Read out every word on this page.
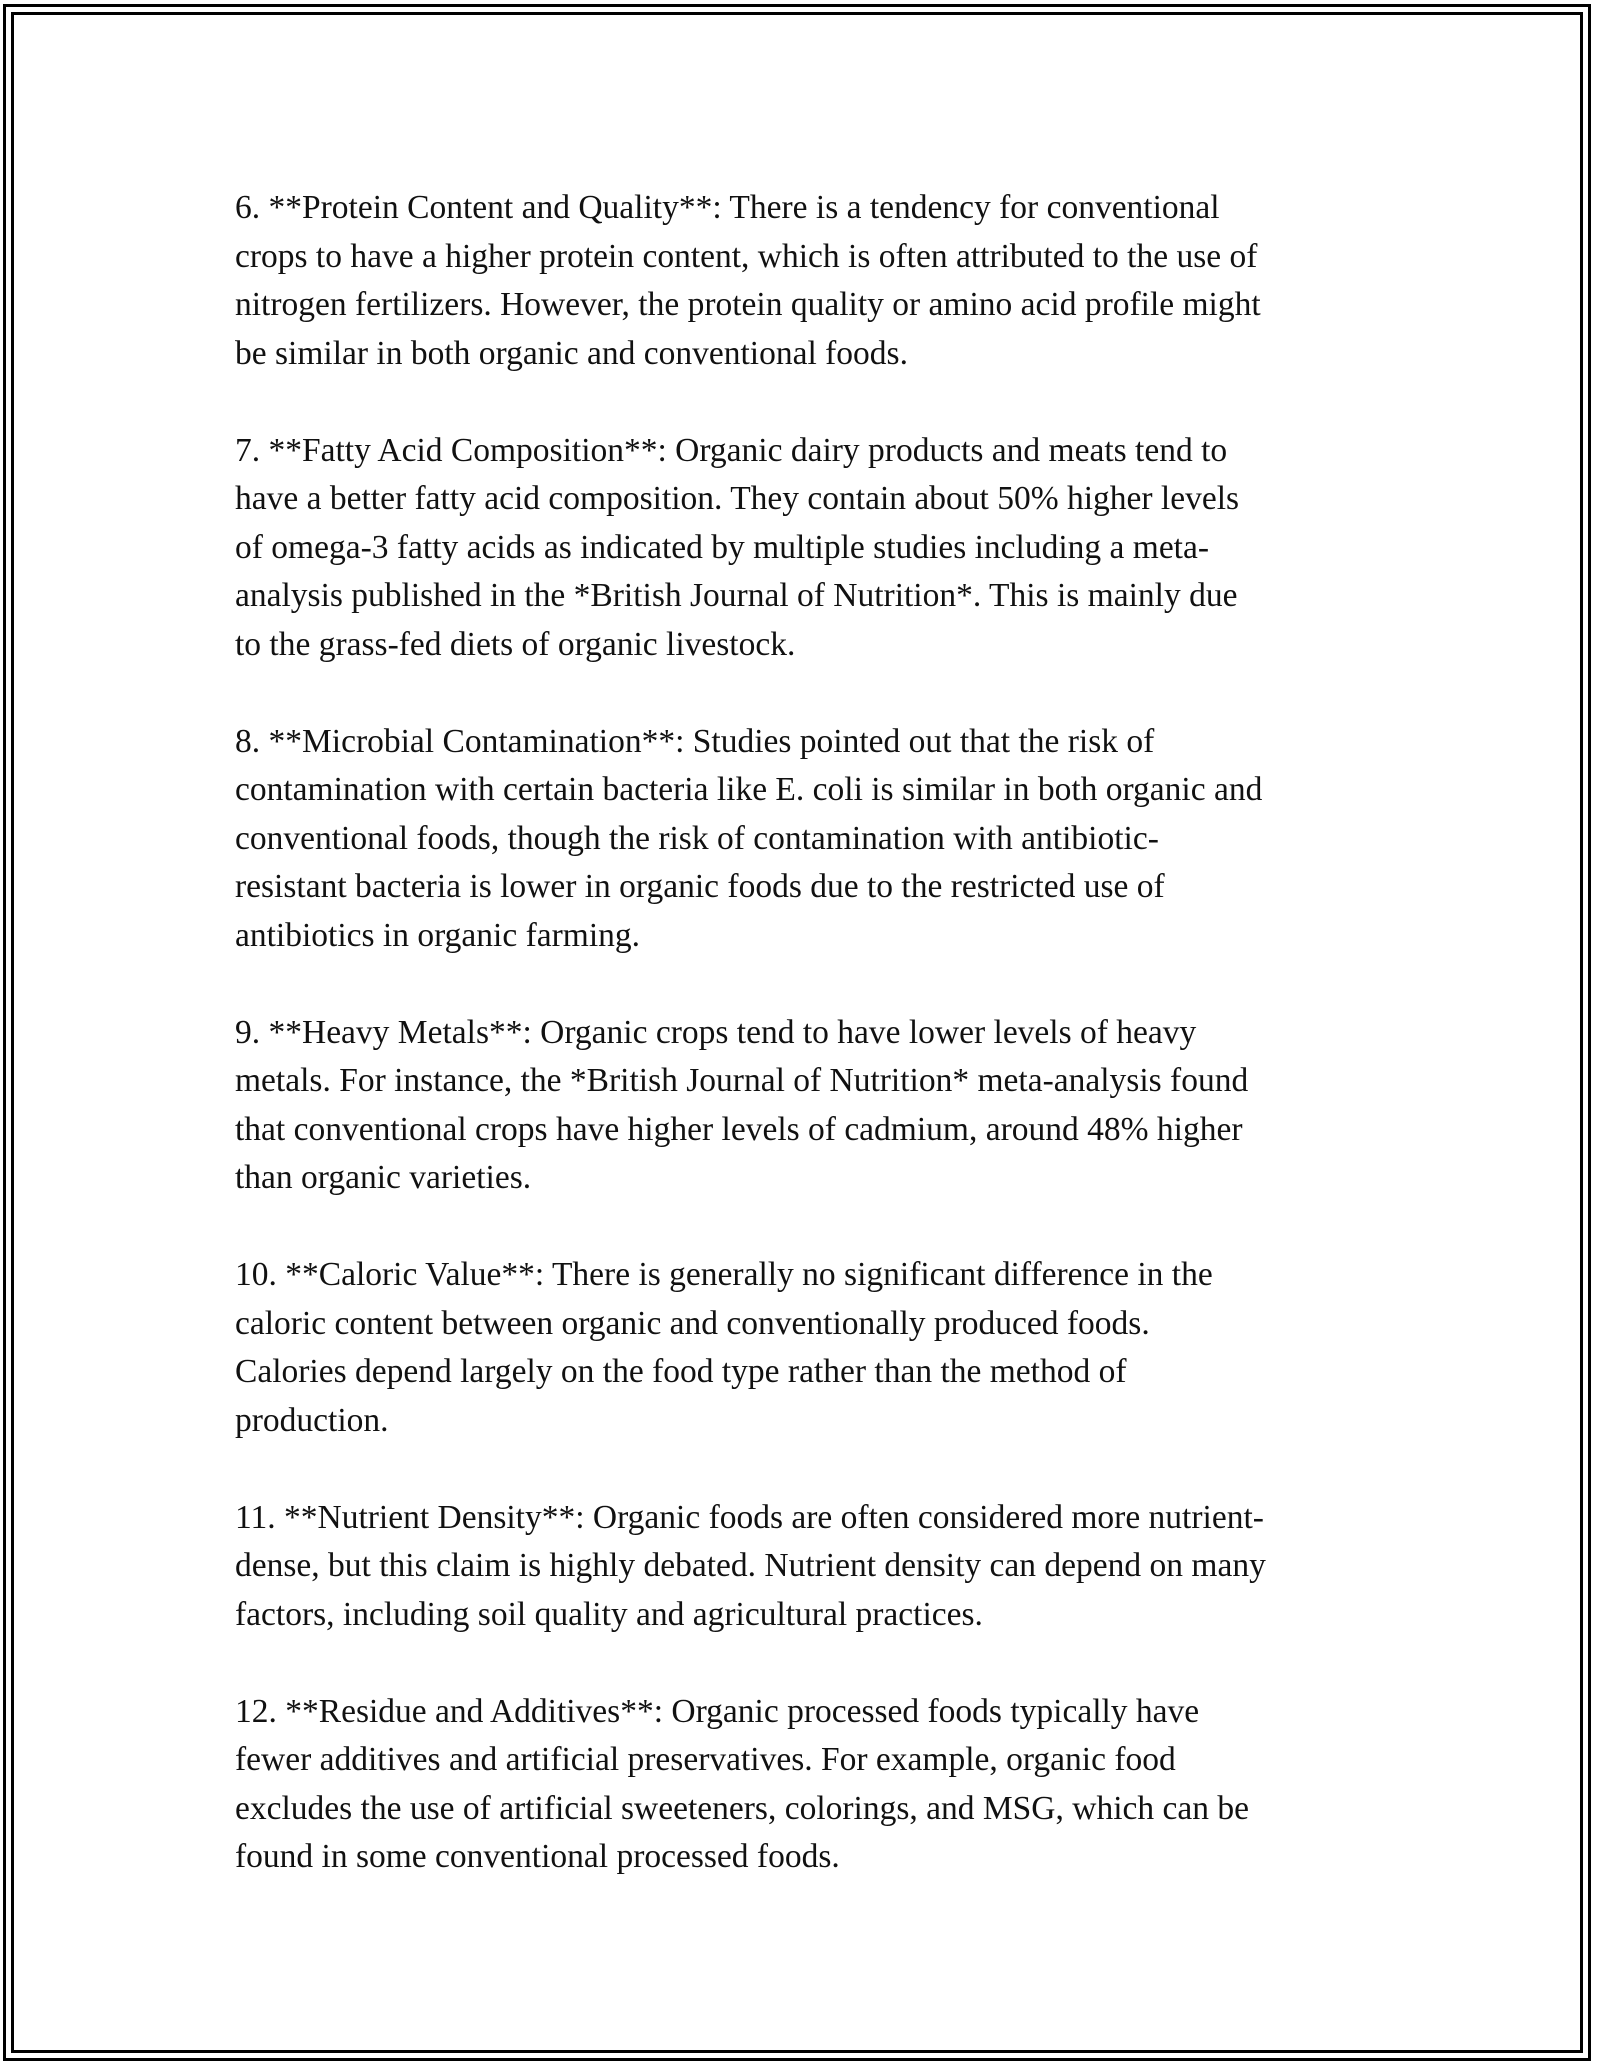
6. **Protein Content and Quality**: There is a tendency for conventional
crops to have a higher protein content, which is often attributed to the use of
nitrogen fertilizers. However, the protein quality or amino acid profile might
be similar in both organic and conventional foods.

7. **Fatty Acid Composition**: Organic dairy products and meats tend to
have a better fatty acid composition. They contain about 50% higher levels
of omega-3 fatty acids as indicated by multiple studies including a meta-
analysis published in the *British Journal of Nutrition*. This is mainly due
to the grass-fed diets of organic livestock.

8. **Microbial Contamination**: Studies pointed out that the risk of
contamination with certain bacteria like E. coli is similar in both organic and
conventional foods, though the risk of contamination with antibiotic-
resistant bacteria is lower in organic foods due to the restricted use of
antibiotics in organic farming.

9. **Heavy Metals**: Organic crops tend to have lower levels of heavy
metals. For instance, the *British Journal of Nutrition* meta-analysis found
that conventional crops have higher levels of cadmium, around 48% higher
than organic varieties.

10. **Caloric Value**: There is generally no significant difference in the
caloric content between organic and conventionally produced foods.
Calories depend largely on the food type rather than the method of
production.

11. **Nutrient Density**: Organic foods are often considered more nutrient-
dense, but this claim is highly debated. Nutrient density can depend on many
factors, including soil quality and agricultural practices.

12. **Residue and Additives**: Organic processed foods typically have
fewer additives and artificial preservatives. For example, organic food
excludes the use of artificial sweeteners, colorings, and MSG, which can be
found in some conventional processed foods.
